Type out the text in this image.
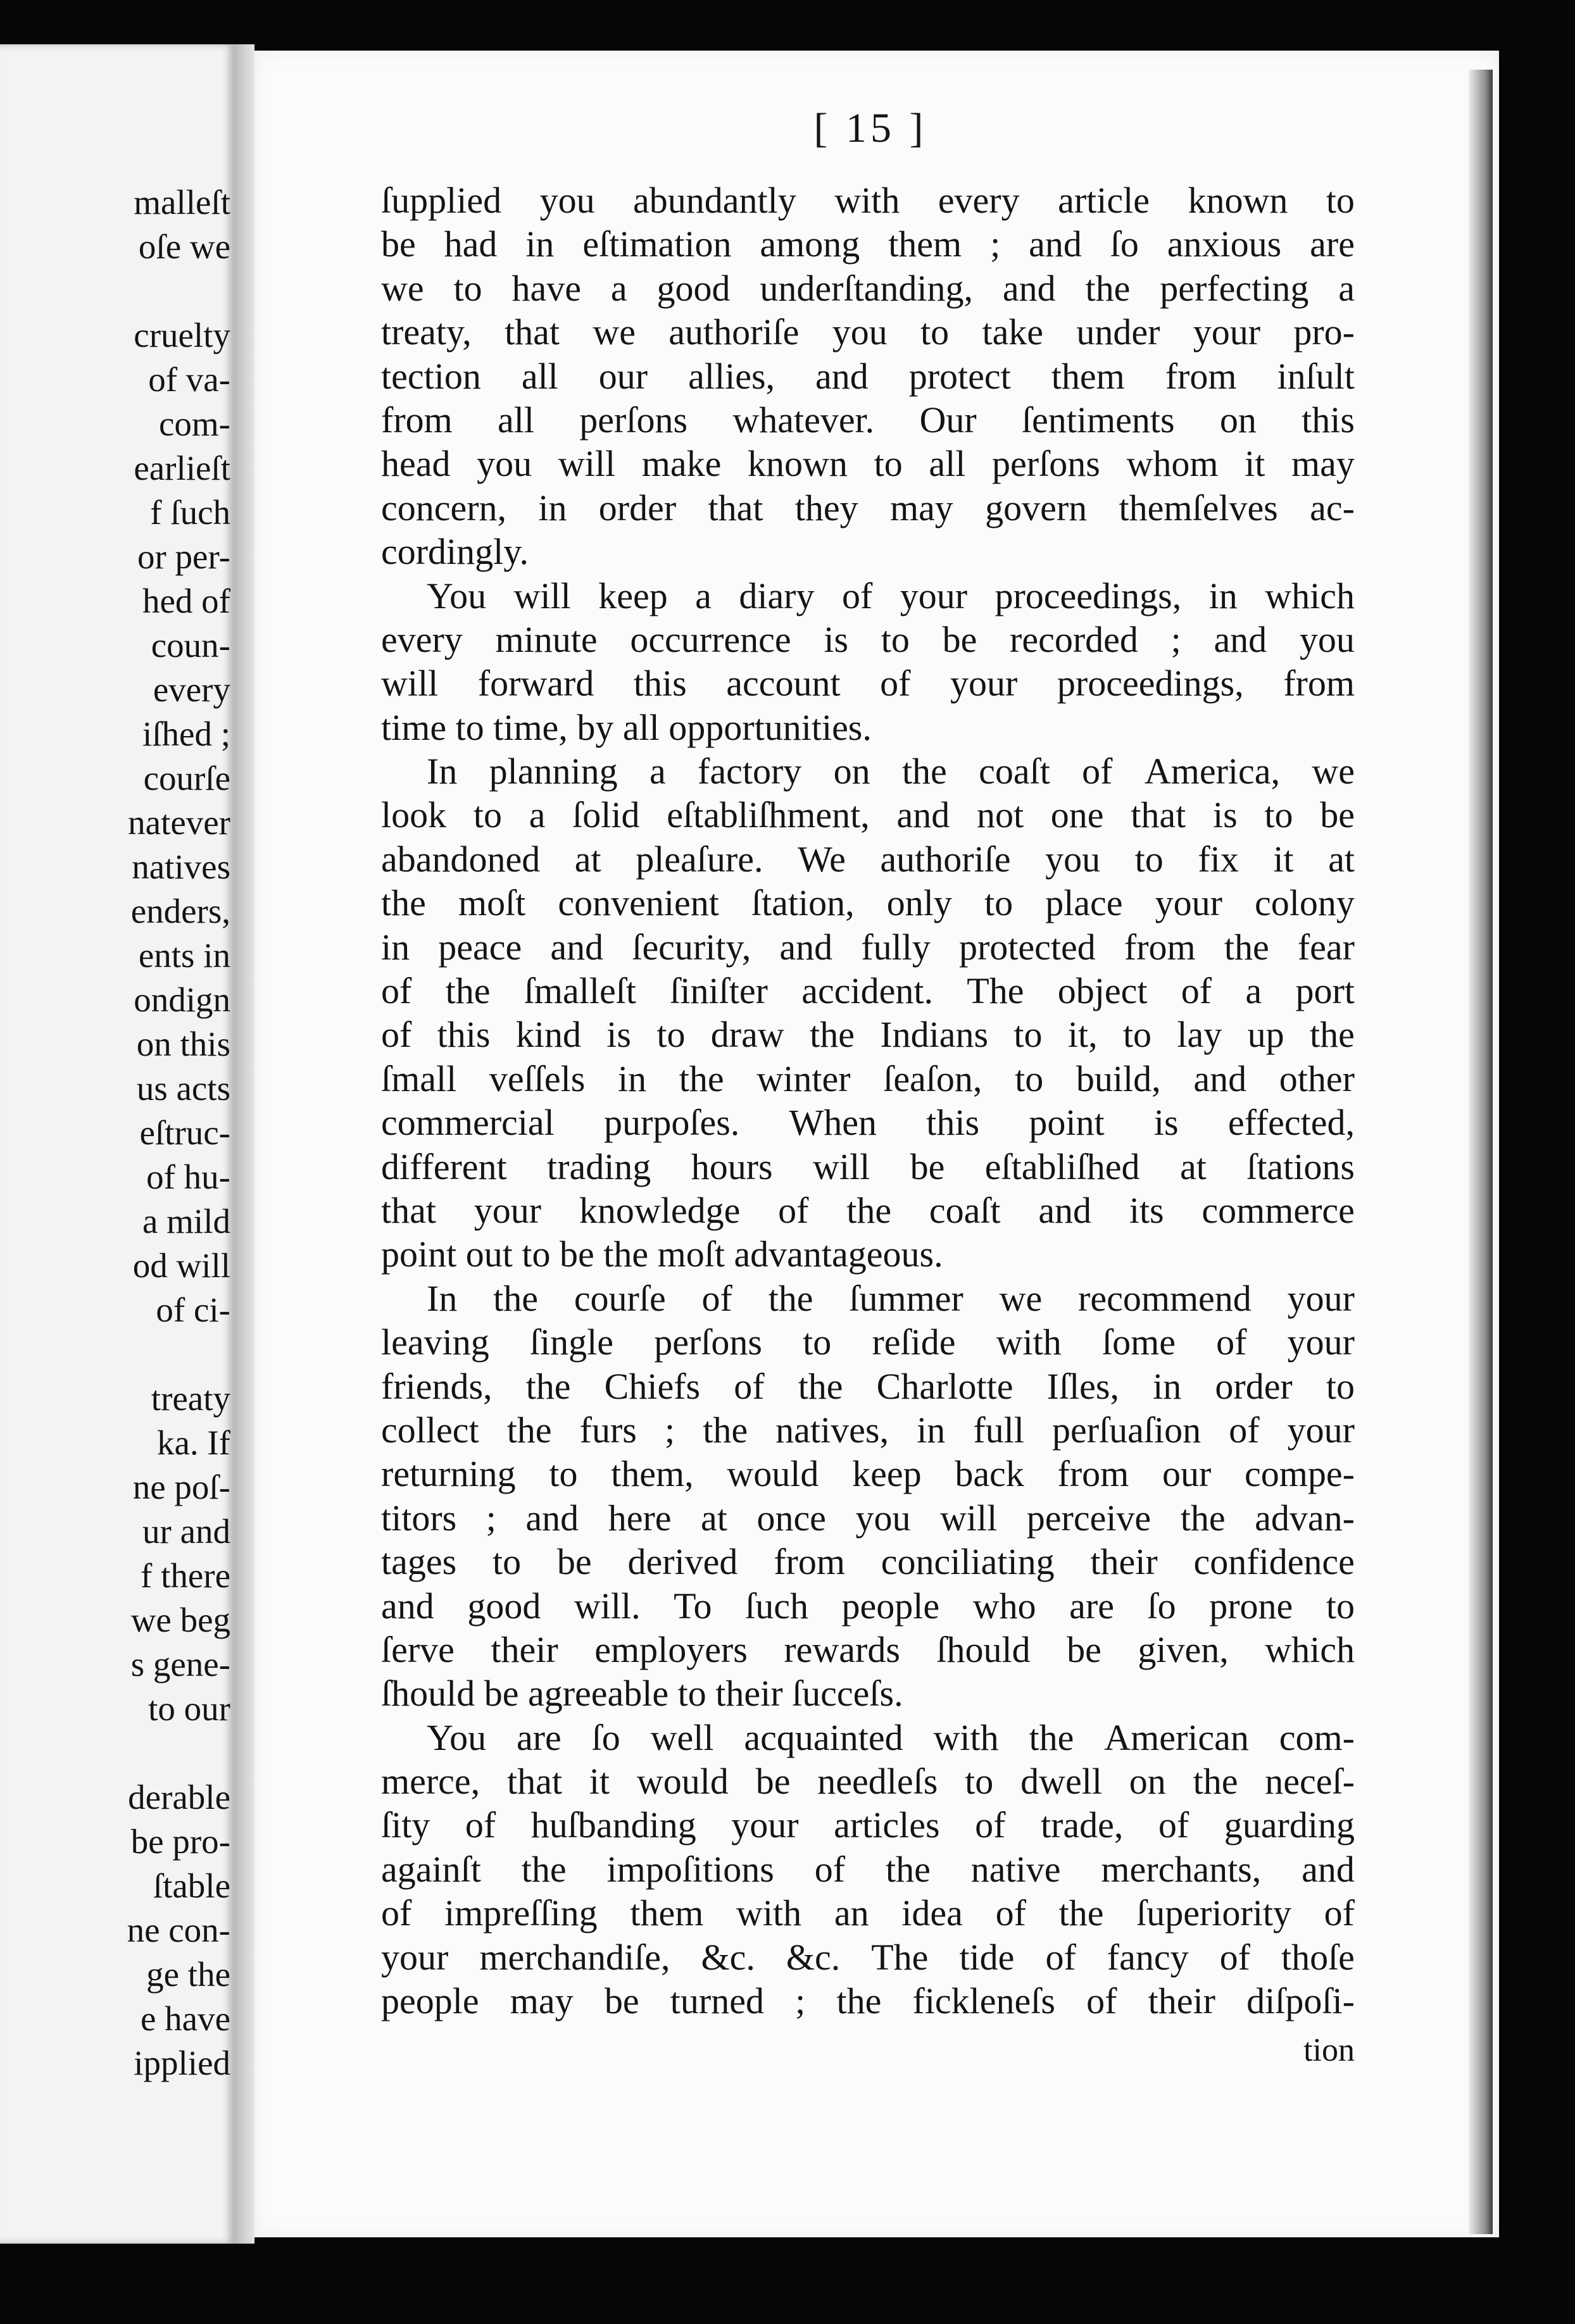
malleſt
oſe we
cruelty
of va-
com-
earlieſt
f ſuch
or per-
hed of
coun-
every
iſhed ;
courſe
natever
natives
enders,
ents in
ondign
on this
us acts
eſtruc-
of hu-
a mild
od will
of ci-
treaty
ka. If
ne poſ-
ur and
f there
we beg
s gene-
to our
derable
be pro-
ſtable
ne con-
ge the
e have
ipplied
[ 15 ]
ſupplied you abundantly with every article known to
be had in eſtimation among them ; and ſo anxious are
we to have a good underſtanding, and the perfecting a
treaty, that we authoriſe you to take under your pro-
tection all our allies, and protect them from inſult
from all perſons whatever. Our ſentiments on this
head you will make known to all perſons whom it may
concern, in order that they may govern themſelves ac-
cordingly.
You will keep a diary of your proceedings, in which
every minute occurrence is to be recorded ; and you
will forward this account of your proceedings, from
time
to
time,
by
all
opportunities.
In planning a factory on the coaſt of America, we
look to a ſolid eſtabliſhment, and not one that is to be
abandoned at pleaſure. We authoriſe you to fix it at
the moſt convenient ſtation, only to place your colony
in peace and ſecurity, and fully protected from the fear
of the ſmalleſt ſiniſter accident. The object of a port
of this kind is to draw the Indians to it, to lay up the
ſmall veſſels in the winter ſeaſon, to build, and other
commercial purpoſes. When this point is effected,
different trading hours will be eſtabliſhed at ſtations
that your knowledge of the coaſt and its commerce
point
out
to
be
the
moſt
advantageous.
In the courſe of the ſummer we recommend your
leaving ſingle perſons to reſide with ſome of your
friends, the Chiefs of the Charlotte Iſles, in order to
collect the furs ; the natives, in full perſuaſion of your
returning to them, would keep back from our compe-
titors ; and here at once you will perceive the advan-
tages to be derived from conciliating their confidence
and good will. To ſuch people who are ſo prone to
ſerve their employers rewards ſhould be given, which
ſhould
be
agreeable
to
their
ſucceſs.
You are ſo well acquainted with the American com-
merce, that it would be needleſs to dwell on the neceſ-
ſity of huſbanding your articles of trade, of guarding
againſt the impoſitions of the native merchants, and
of impreſſing them with an idea of the ſuperiority of
your merchandiſe, &c. &c. The tide of fancy of thoſe
people may be turned ; the fickleneſs of their diſpoſi-
tion
